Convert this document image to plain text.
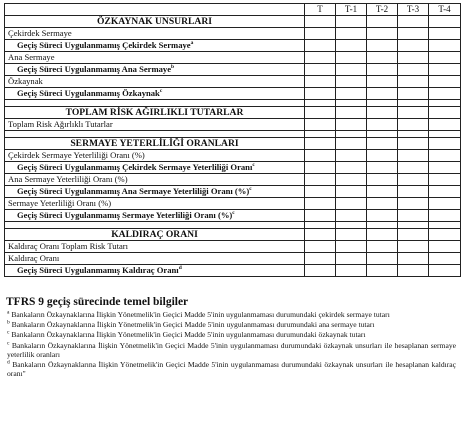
	T	T-1	T-2	T-3	T-4
ÖZKAYNAK UNSURLARI					
Çekirdek Sermaye					
Geçiş Süreci Uygulanmamış Çekirdek Sermaye$^a$					
Ana Sermaye					
Geçiş Süreci Uygulanmamış Ana Sermaye$^b$					
Özkaynak					
Geçiş Süreci Uygulanmamış Özkaynak$^c$					

TOPLAM RİSK AĞIRLIKLI TUTARLAR					
Toplam Risk Ağırlıklı Tutarlar					

SERMAYE YETERLİLİĞİ ORANLARI					
Çekirdek Sermaye Yeterliliği Oranı (%)					
Geçiş Süreci Uygulanmamış Çekirdek Sermaye Yeterliliği Oranı$^c$					
Ana Sermaye Yeterliliği Oranı (%)					
Geçiş Süreci Uygulanmamış Ana Sermaye Yeterliliği Oranı (%)$^c$					
Sermaye Yeterliliği Oranı (%)					
Geçiş Süreci Uygulanmamış Sermaye Yeterliliği Oranı (%)$^c$					

KALDIRAÇ ORANI					
Kaldıraç Oranı Toplam Risk Tutarı					
Kaldıraç Oranı					
Geçiş Süreci Uygulanmamış Kaldıraç Oranı$^d$					
TFRS 9 geçiş sürecinde temel bilgiler
$^a$ Bankaların Özkaynaklarına İlişkin Yönetmelik'in Geçici Madde 5'inin uygulanmaması durumundaki çekirdek sermaye tutarı
$^b$ Bankaların Özkaynaklarına İlişkin Yönetmelik'in Geçici Madde 5'inin uygulanmaması durumundaki ana sermaye tutarı
$^c$ Bankaların Özkaynaklarına İlişkin Yönetmelik'in Geçici Madde 5'inin uygulanmaması durumundaki özkaynak tutarı
$^c$ Bankaların Özkaynaklarına İlişkin Yönetmelik'in Geçici Madde 5'inin uygulanmaması durumundaki özkaynak unsurları ile hesaplanan sermaye yeterlilik oranları
$^d$ Bankaların Özkaynaklarına İlişkin Yönetmelik'in Geçici Madde 5'inin uygulanmaması durumundaki özkaynak unsurları ile hesaplanan kaldıraç oranı"
